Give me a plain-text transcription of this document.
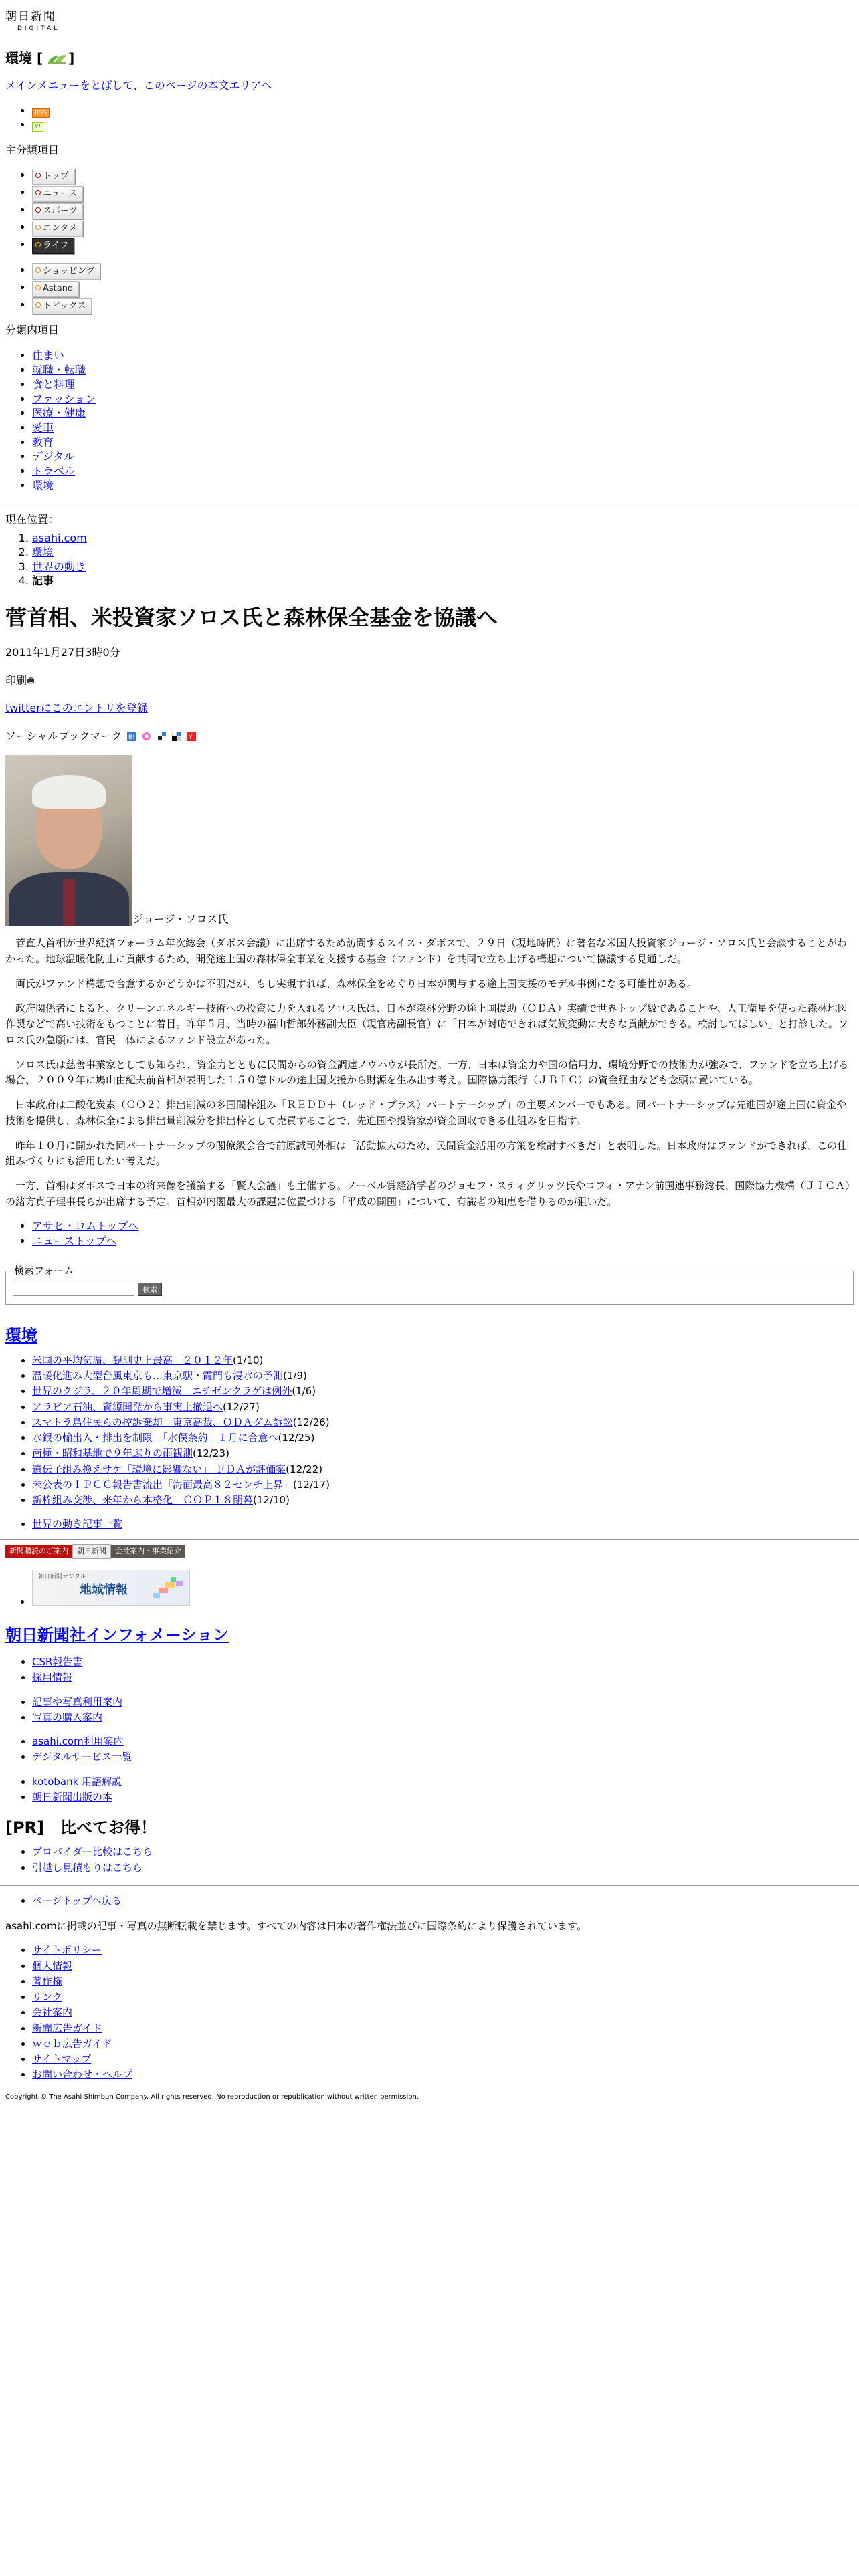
朝日新聞
DIGITAL
環境 [ ]
メインメニューをとばして、このページの本文エリアへ
• RSS
• Y!
主分類項目
• トップ
• ニュース
• スポーツ
• エンタメ
• ライフ
• ショッピング
• Astand
• トピックス
分類内項目
• 住まい
• 就職・転職
• 食と料理
• ファッション
• 医療・健康
• 愛車
• 教育
• デジタル
• トラベル
• 環境
現在位置：
1. asahi.com
2. 環境
3. 世界の動き
4. 記事
菅首相、米投資家ソロス氏と森林保全基金を協議へ
2011年1月27日3時0分
印刷
twitterにこのエントリを登録
ソーシャルブックマーク B!
	Y
ジョージ・ソロス氏

　菅直人首相が世界経済フォーラム年次総会（ダボス会議）に出席するため訪問するスイス・ダボスで、２９日（現地時間）に著名な米国人投資家ジョージ・ソロス氏と会談することがわかった。地球温暖化防止に貢献するため、開発途上国の森林保全事業を支援する基金（ファンド）を共同で立ち上げる構想について協議する見通しだ。

　両氏がファンド構想で合意するかどうかは不明だが、もし実現すれば、森林保全をめぐり日本が関与する途上国支援のモデル事例になる可能性がある。

　政府関係者によると、クリーンエネルギー技術への投資に力を入れるソロス氏は、日本が森林分野の途上国援助（ＯＤＡ）実績で世界トップ級であることや、人工衛星を使った森林地図作製などで高い技術をもつことに着目。昨年５月、当時の福山哲郎外務副大臣（現官房副長官）に「日本が対応できれば気候変動に大きな貢献ができる。検討してほしい」と打診した。ソロス氏の急願には、官民一体によるファンド設立があった。

　ソロス氏は慈善事業家としても知られ、資金力とともに民間からの資金調達ノウハウが長所だ。一方、日本は資金力や国の信用力、環境分野での技術力が強みで、ファンドを立ち上げる場合、２００９年に鳩山由紀夫前首相が表明した１５０億ドルの途上国支援から財源を生み出す考え。国際協力銀行（ＪＢＩＣ）の資金経由なども念頭に置いている。

　日本政府は二酸化炭素（ＣＯ２）排出削減の多国間枠組み「ＲＥＤＤ＋（レッド・プラス）パートナーシップ」の主要メンバーでもある。同パートナーシップは先進国が途上国に資金や技術を提供し、森林保全による排出量削減分を排出枠として売買することで、先進国や投資家が資金回収できる仕組みを目指す。

　昨年１０月に開かれた同パートナーシップの閣僚級会合で前原誠司外相は「活動拡大のため、民間資金活用の方策を検討すべきだ」と表明した。日本政府はファンドができれば、この仕組みづくりにも活用したい考えだ。

　一方、首相はダボスで日本の将来像を議論する「賢人会議」も主催する。ノーベル賞経済学者のジョセフ・スティグリッツ氏やコフィ・アナン前国連事務総長、国際協力機構（ＪＩＣＡ）の緒方貞子理事長らが出席する予定。首相が内閣最大の課題に位置づける「平成の開国」について、有識者の知恵を借りるのが狙いだ。

• アサヒ・コムトップへ
• ニューストップへ
検索フォーム
検索
環境
• 米国の平均気温、観測史上最高　２０１２年(1/10)
• 温暖化進み大型台風東京も…東京駅・霞門も浸水の予測(1/9)
• 世界のクジラ、２０年周期で増減　エチゼンクラゲは例外(1/6)
• アラビア石油、資源開発から事実上撤退へ(12/27)
• スマトラ島住民らの控訴棄却　東京高裁、ＯＤＡダム訴訟(12/26)
• 水銀の輸出入・排出を制限　「水俣条約」１月に合意へ(12/25)
• 南極・昭和基地で９年ぶりの雨観測(12/23)
• 遺伝子組み換えサケ「環境に影響ない」 ＦＤＡが評価案(12/22)
• 未公表のＩＰＣＣ報告書流出「海面最高８２センチ上昇」(12/17)
• 新枠組み交渉、来年から本格化　ＣＯＰ１８閉幕(12/10)
• 世界の動き記事一覧
新聞購読のご案内 朝日新聞 会社案内・事業紹介
• 朝日新聞デジタル
地域情報
朝日新聞社インフォメーション
• CSR報告書
• 採用情報
• 記事や写真利用案内
• 写真の購入案内
• asahi.com利用案内
• デジタルサービス一覧
• kotobank 用語解説
• 朝日新聞出版の本
[PR]　比べてお得！
• プロバイダー比較はこちら
• 引越し見積もりはこちら
• ページトップへ戻る
asahi.comに掲載の記事・写真の無断転載を禁じます。すべての内容は日本の著作権法並びに国際条約により保護されています。
• サイトポリシー
• 個人情報
• 著作権
• リンク
• 会社案内
• 新聞広告ガイド
• ｗｅｂ広告ガイド
• サイトマップ
• お問い合わせ・ヘルプ
Copyright © The Asahi Shimbun Company. All rights reserved. No reproduction or republication without written permission.
